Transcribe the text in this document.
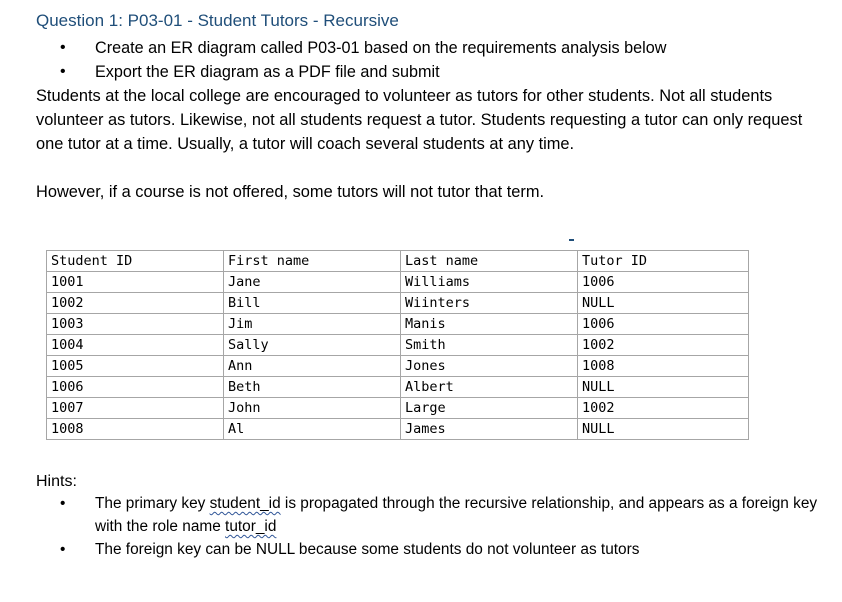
Question 1: P03-01 - Student Tutors - Recursive
• Create an ER diagram called P03-01 based on the requirements analysis below
• Export the ER diagram as a PDF file and submit

Students at the local college are encouraged to volunteer as tutors for other students. Not all students volunteer as tutors. Likewise, not all students request a tutor. Students requesting a tutor can only request one tutor at a time. Usually, a tutor will coach several students at any time.

However, if a course is not offered, some tutors will not tutor that term.

Student ID	First name	Last name	Tutor ID
1001	Jane	Williams	1006
1002	Bill	Wiinters	NULL
1003	Jim	Manis	1006
1004	Sally	Smith	1002
1005	Ann	Jones	1008
1006	Beth	Albert	NULL
1007	John	Large	1002
1008	Al	James	NULL
Hints:
• The primary key student_id is propagated through the recursive relationship, and appears as a foreign key with the role name tutor_id
• The foreign key can be NULL because some students do not volunteer as tutors
